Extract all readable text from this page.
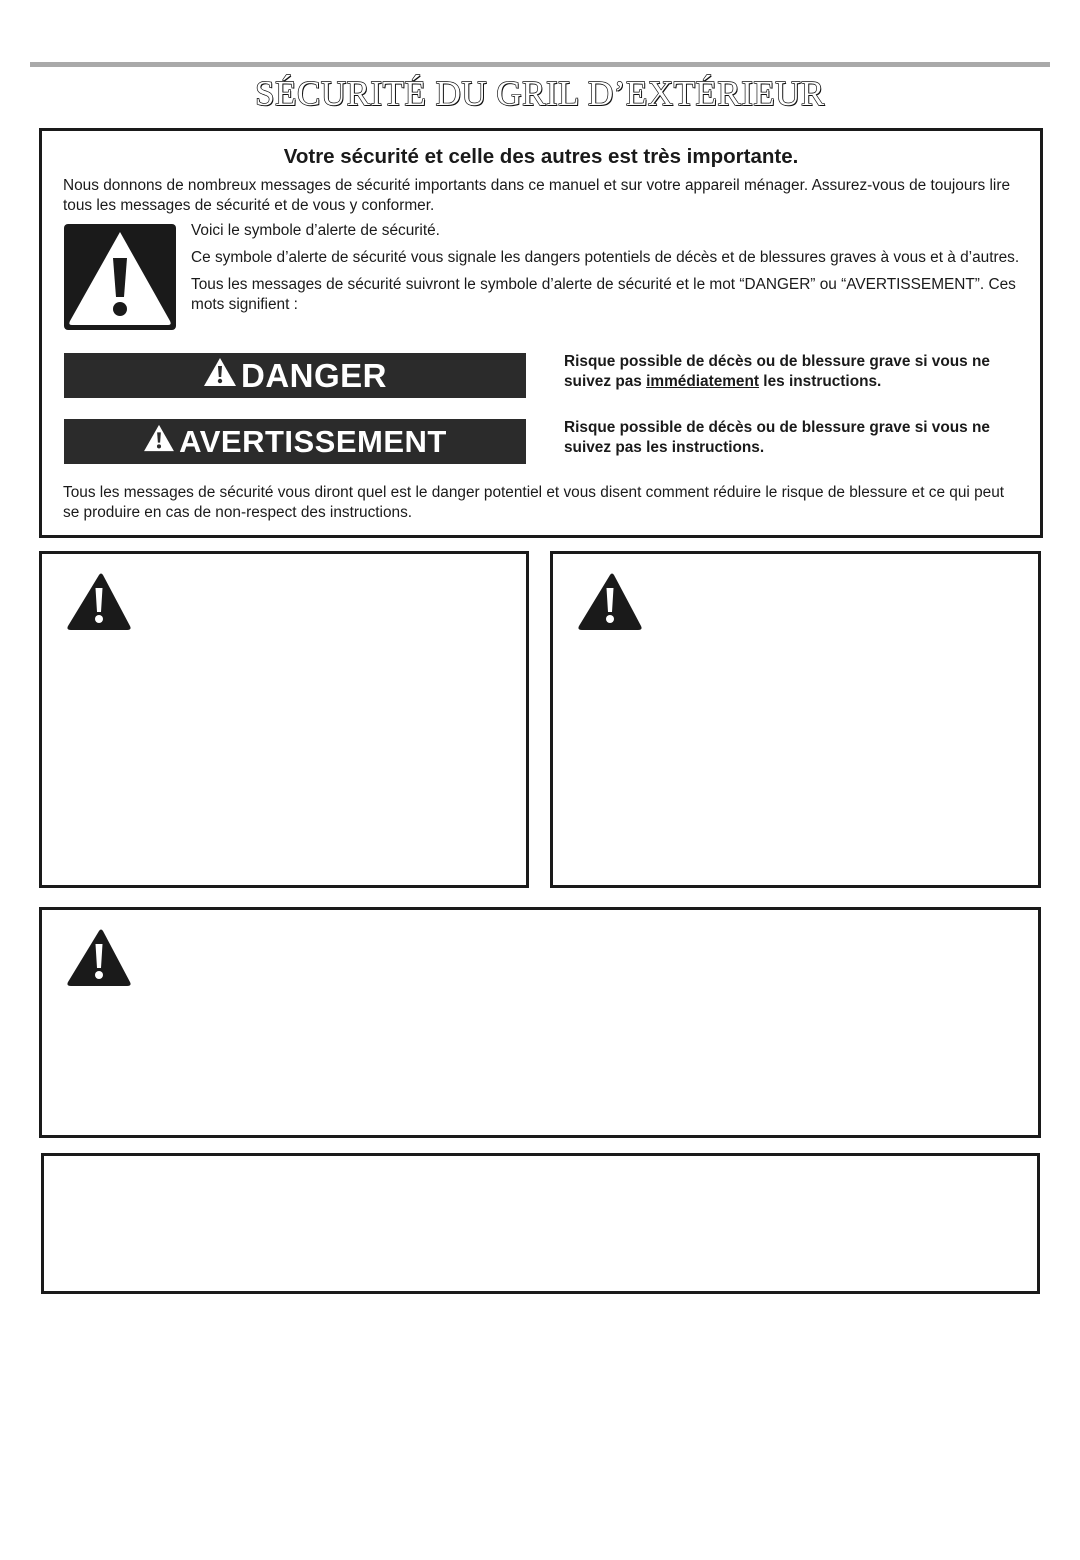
SÉCURITÉ DU GRIL D’EXTÉRIEUR
Votre sécurité et celle des autres est très importante.
Nous donnons de nombreux messages de sécurité importants dans ce manuel et sur votre appareil ménager. Assurez-vous de toujours lire tous les messages de sécurité et de vous y conformer.

Voici le symbole d’alerte de sécurité.

Ce symbole d’alerte de sécurité vous signale les dangers potentiels de décès et de blessures graves à vous et à d’autres.

Tous les messages de sécurité suivront le symbole d’alerte de sécurité et le mot “DANGER” ou “AVERTISSEMENT”. Ces mots signifient :

DANGER	Risque possible de décès ou de blessure grave si vous ne suivez pas immédiatement les instructions.
AVERTISSEMENT	Risque possible de décès ou de blessure grave si vous ne suivez pas les instructions.
Tous les messages de sécurité vous diront quel est le danger potentiel et vous disent comment réduire le risque de blessure et ce qui peut se produire en cas de non-respect des instructions.
